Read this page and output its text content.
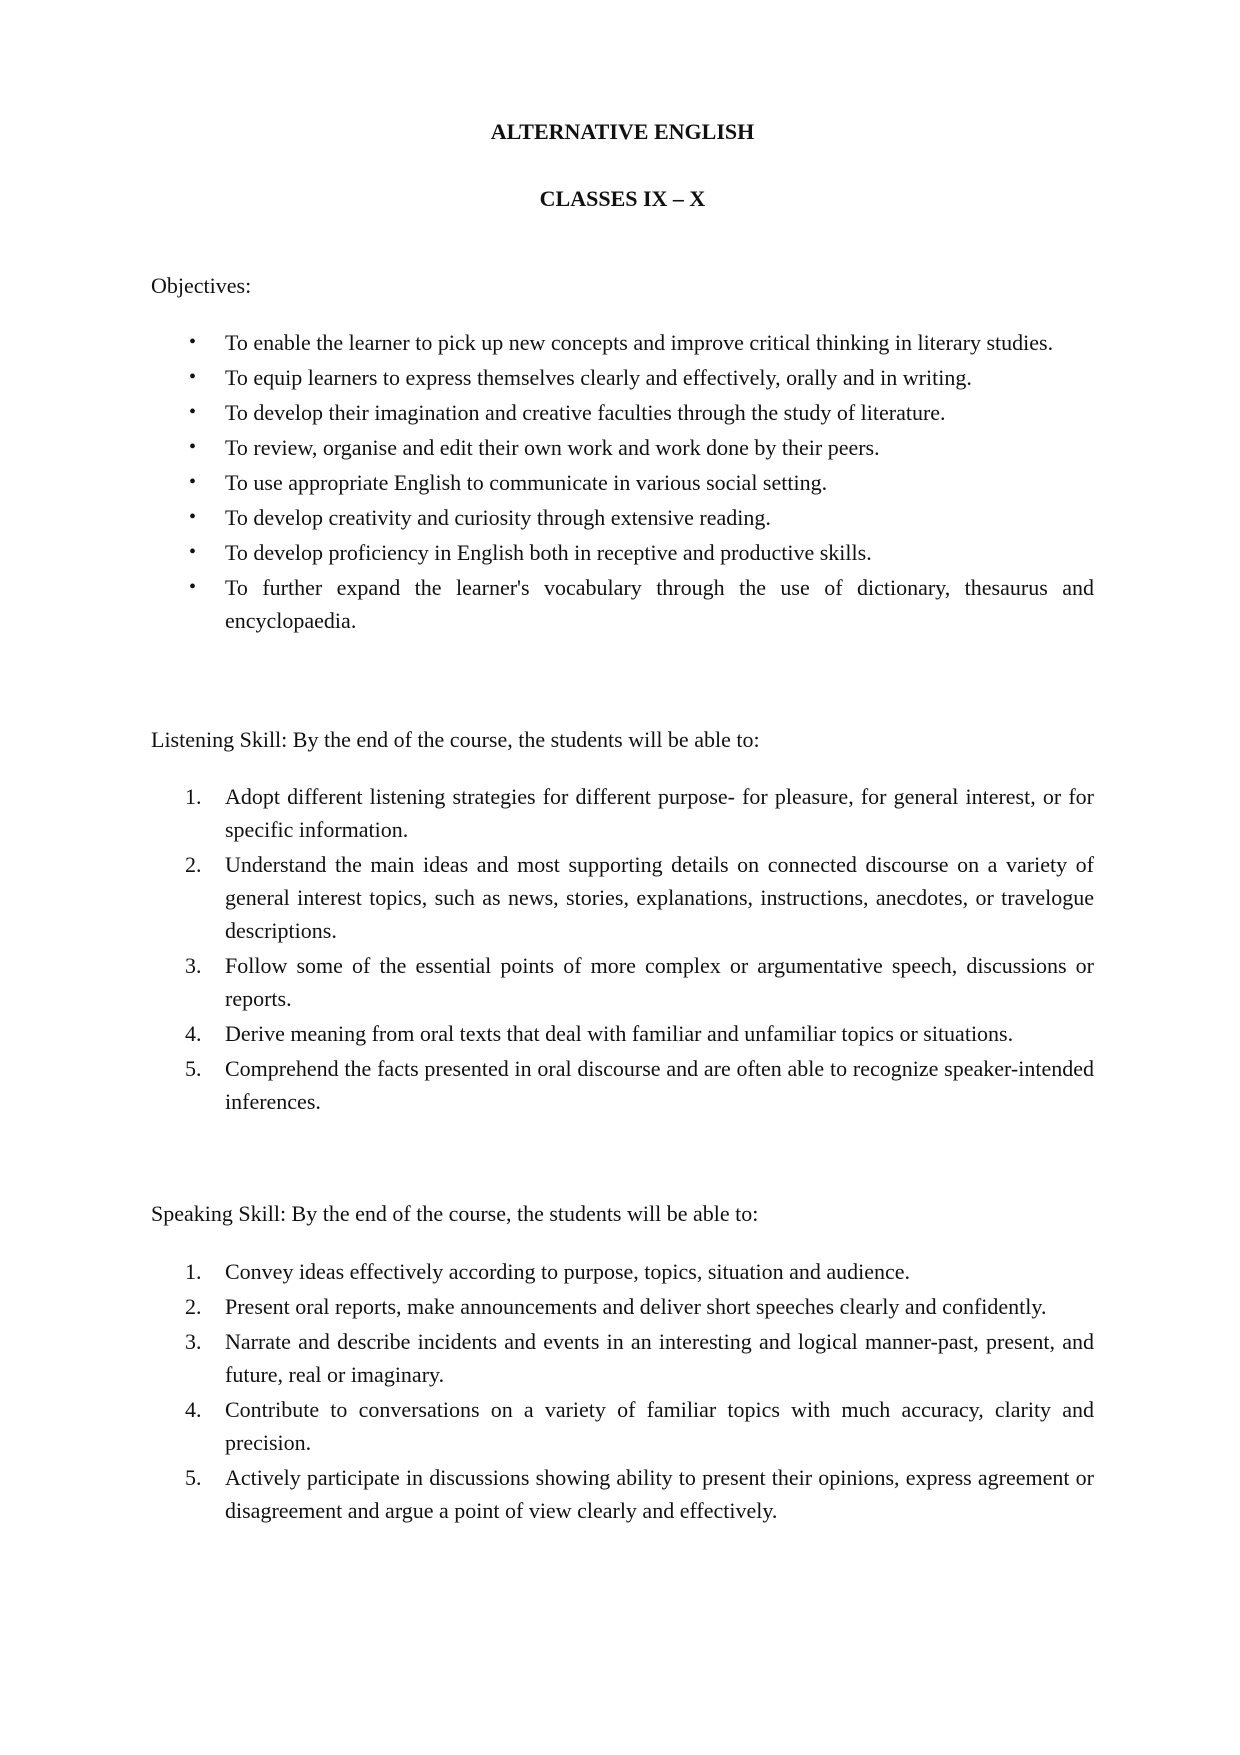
ALTERNATIVE ENGLISH
CLASSES IX – X

Objectives:

•	To enable the learner to pick up new concepts and improve critical thinking in literary studies.
•	To equip learners to express themselves clearly and effectively, orally and in writing.
•	To develop their imagination and creative faculties through the study of literature.
•	To review, organise and edit their own work and work done by their peers.
•	To use appropriate English to communicate in various social setting.
•	To develop creativity and curiosity through extensive reading.
•	To develop proficiency in English both in receptive and productive skills.
•	To further expand the learner's vocabulary through the use of dictionary, thesaurus and encyclopaedia.

Listening Skill: By the end of the course, the students will be able to:

1.	Adopt different listening strategies for different purpose- for pleasure, for general interest, or for specific information.
2.	Understand the main ideas and most supporting details on connected discourse on a variety of general interest topics, such as news, stories, explanations, instructions, anecdotes, or travelogue descriptions.
3.	Follow some of the essential points of more complex or argumentative speech, discussions or reports.
4.	Derive meaning from oral texts that deal with familiar and unfamiliar topics or situations.
5.	Comprehend the facts presented in oral discourse and are often able to recognize speaker-intended inferences.

Speaking Skill: By the end of the course, the students will be able to:

1.	Convey ideas effectively according to purpose, topics, situation and audience.
2.	Present oral reports, make announcements and deliver short speeches clearly and confidently.
3.	Narrate and describe incidents and events in an interesting and logical manner-past, present, and future, real or imaginary.
4.	Contribute to conversations on a variety of familiar topics with much accuracy, clarity and precision.
5.	Actively participate in discussions showing ability to present their opinions, express agreement or disagreement and argue a point of view clearly and effectively.
